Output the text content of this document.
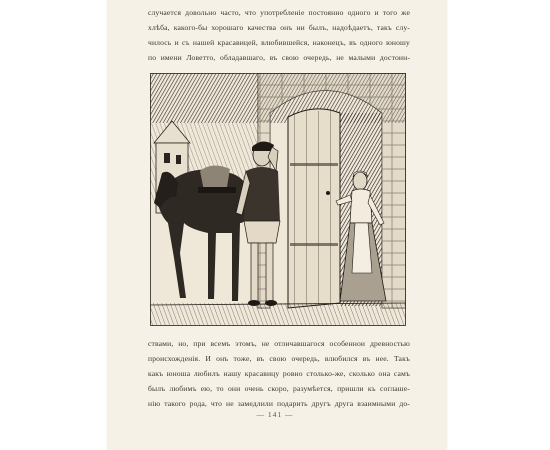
случается довольно часто, что употребленіе постоянно одного и того же
хлѣба, какого-бы хорошаго качества онъ ни былъ, надоѣдаетъ, такъ слу-
чилось и съ нашей красавицей, влюбившейся, наконецъ, въ одного юношу
по имени Ловетто, обладавшаго, въ свою очередь, не малыми достоин-
ствами, но, при всемъ этомъ, не отличавшагося особеннои древностью
происхожденія. И онъ тоже, въ свою очередь, влюбился въ нее. Такъ
какъ юноша любилъ нашу красавицу ровно столько-же, сколько она самъ
былъ любимъ ею, то они очень скоро, разумѣется, пришли къ соглаше-
нію такого рода, что не замедлили подарить другъ друга взаимными до-
— 141 —
